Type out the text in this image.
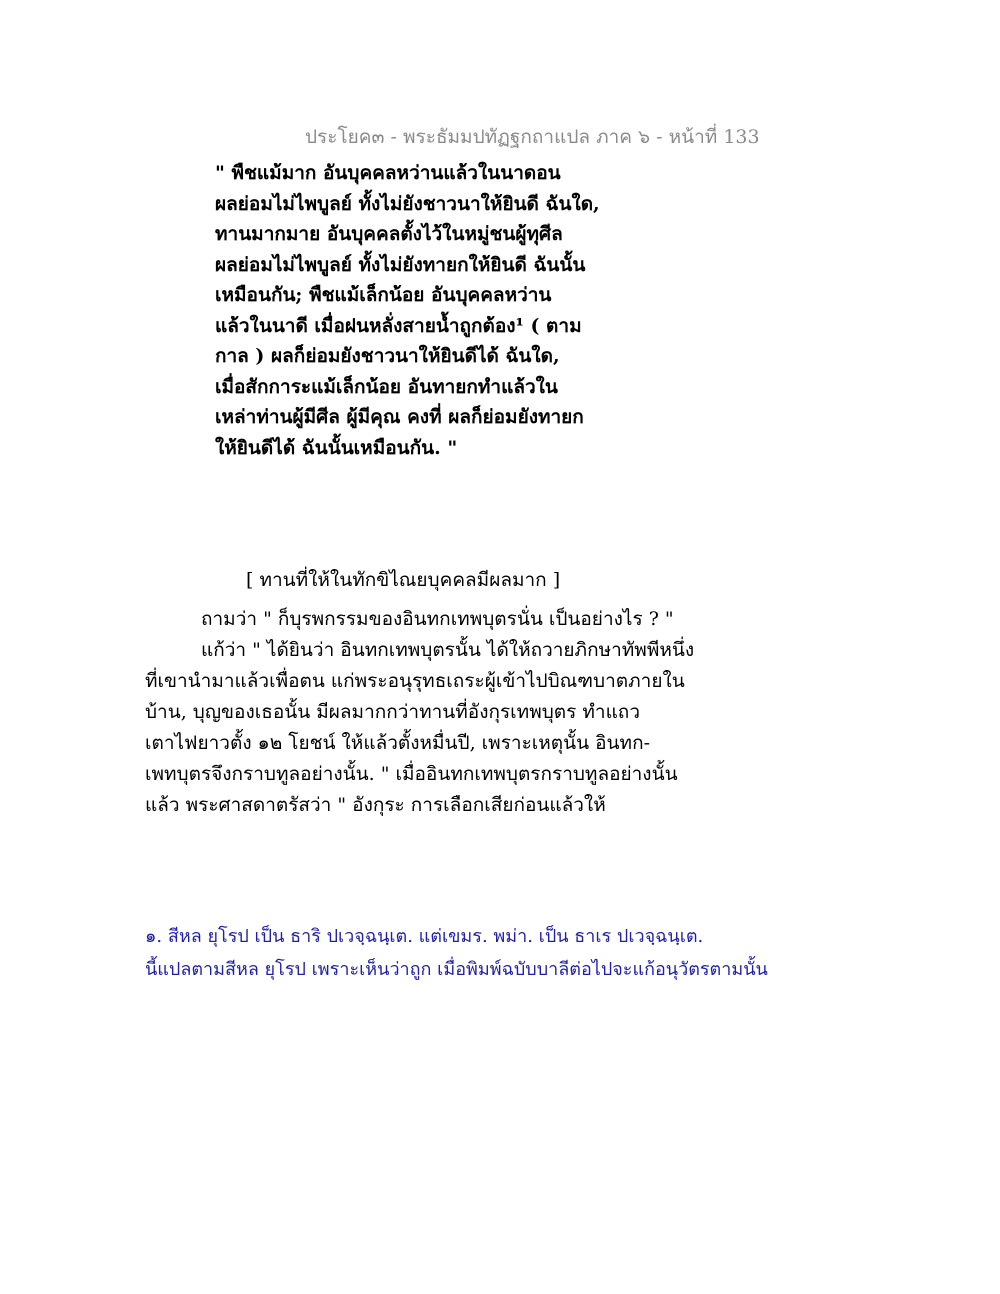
ประโยค๓ - พระธัมมปทัฏฐกถาแปล ภาค ๖ - หน้าที่ 133
" พืชแม้มาก อันบุคคลหว่านแล้วในนาดอน
ผลย่อมไม่ไพบูลย์ ทั้งไม่ยังชาวนาให้ยินดี ฉันใด,
ทานมากมาย อันบุคคลตั้งไว้ในหมู่ชนผู้ทุศีล
ผลย่อมไม่ไพบูลย์ ทั้งไม่ยังทายกให้ยินดี ฉันนั้น
เหมือนกัน; พืชแม้เล็กน้อย อันบุคคลหว่าน
แล้วในนาดี เมื่อฝนหลั่งสายน้ำถูกต้อง¹ ( ตาม
กาล ) ผลก็ย่อมยังชาวนาให้ยินดีได้ ฉันใด,
เมื่อสักการะแม้เล็กน้อย อันทายกทำแล้วใน
เหล่าท่านผู้มีศีล ผู้มีคุณ คงที่ ผลก็ย่อมยังทายก
ให้ยินดีได้ ฉันนั้นเหมือนกัน. "
[ ทานที่ให้ในทักขิไณยบุคคลมีผลมาก ]
ถามว่า " ก็บุรพกรรมของอินทกเทพบุตรนั่น เป็นอย่างไร ? "
แก้ว่า " ได้ยินว่า อินทกเทพบุตรนั้น ได้ให้ถวายภิกษาทัพพีหนึ่ง
ที่เขานำมาแล้วเพื่อตน แก่พระอนุรุทธเถระผู้เข้าไปบิณฑบาตภายใน
บ้าน, บุญของเธอนั้น มีผลมากกว่าทานที่อังกุรเทพบุตร ทำแถว
เตาไฟยาวตั้ง ๑๒ โยชน์ ให้แล้วตั้งหมื่นปี, เพราะเหตุนั้น อินทก-
เพทบุตรจึงกราบทูลอย่างนั้น. " เมื่ออินทกเทพบุตรกราบทูลอย่างนั้น
แล้ว พระศาสดาตรัสว่า " อังกุระ การเลือกเสียก่อนแล้วให้
๑. สีหล ยุโรป เป็น ธาริ ปเวจฺฉนฺเต. แต่เขมร. พม่า. เป็น ธาเร ปเวจฺฉนฺเต.
นี้แปลตามสีหล ยุโรป เพราะเห็นว่าถูก เมื่อพิมพ์ฉบับบาลีต่อไปจะแก้อนุวัตรตามนั้น
